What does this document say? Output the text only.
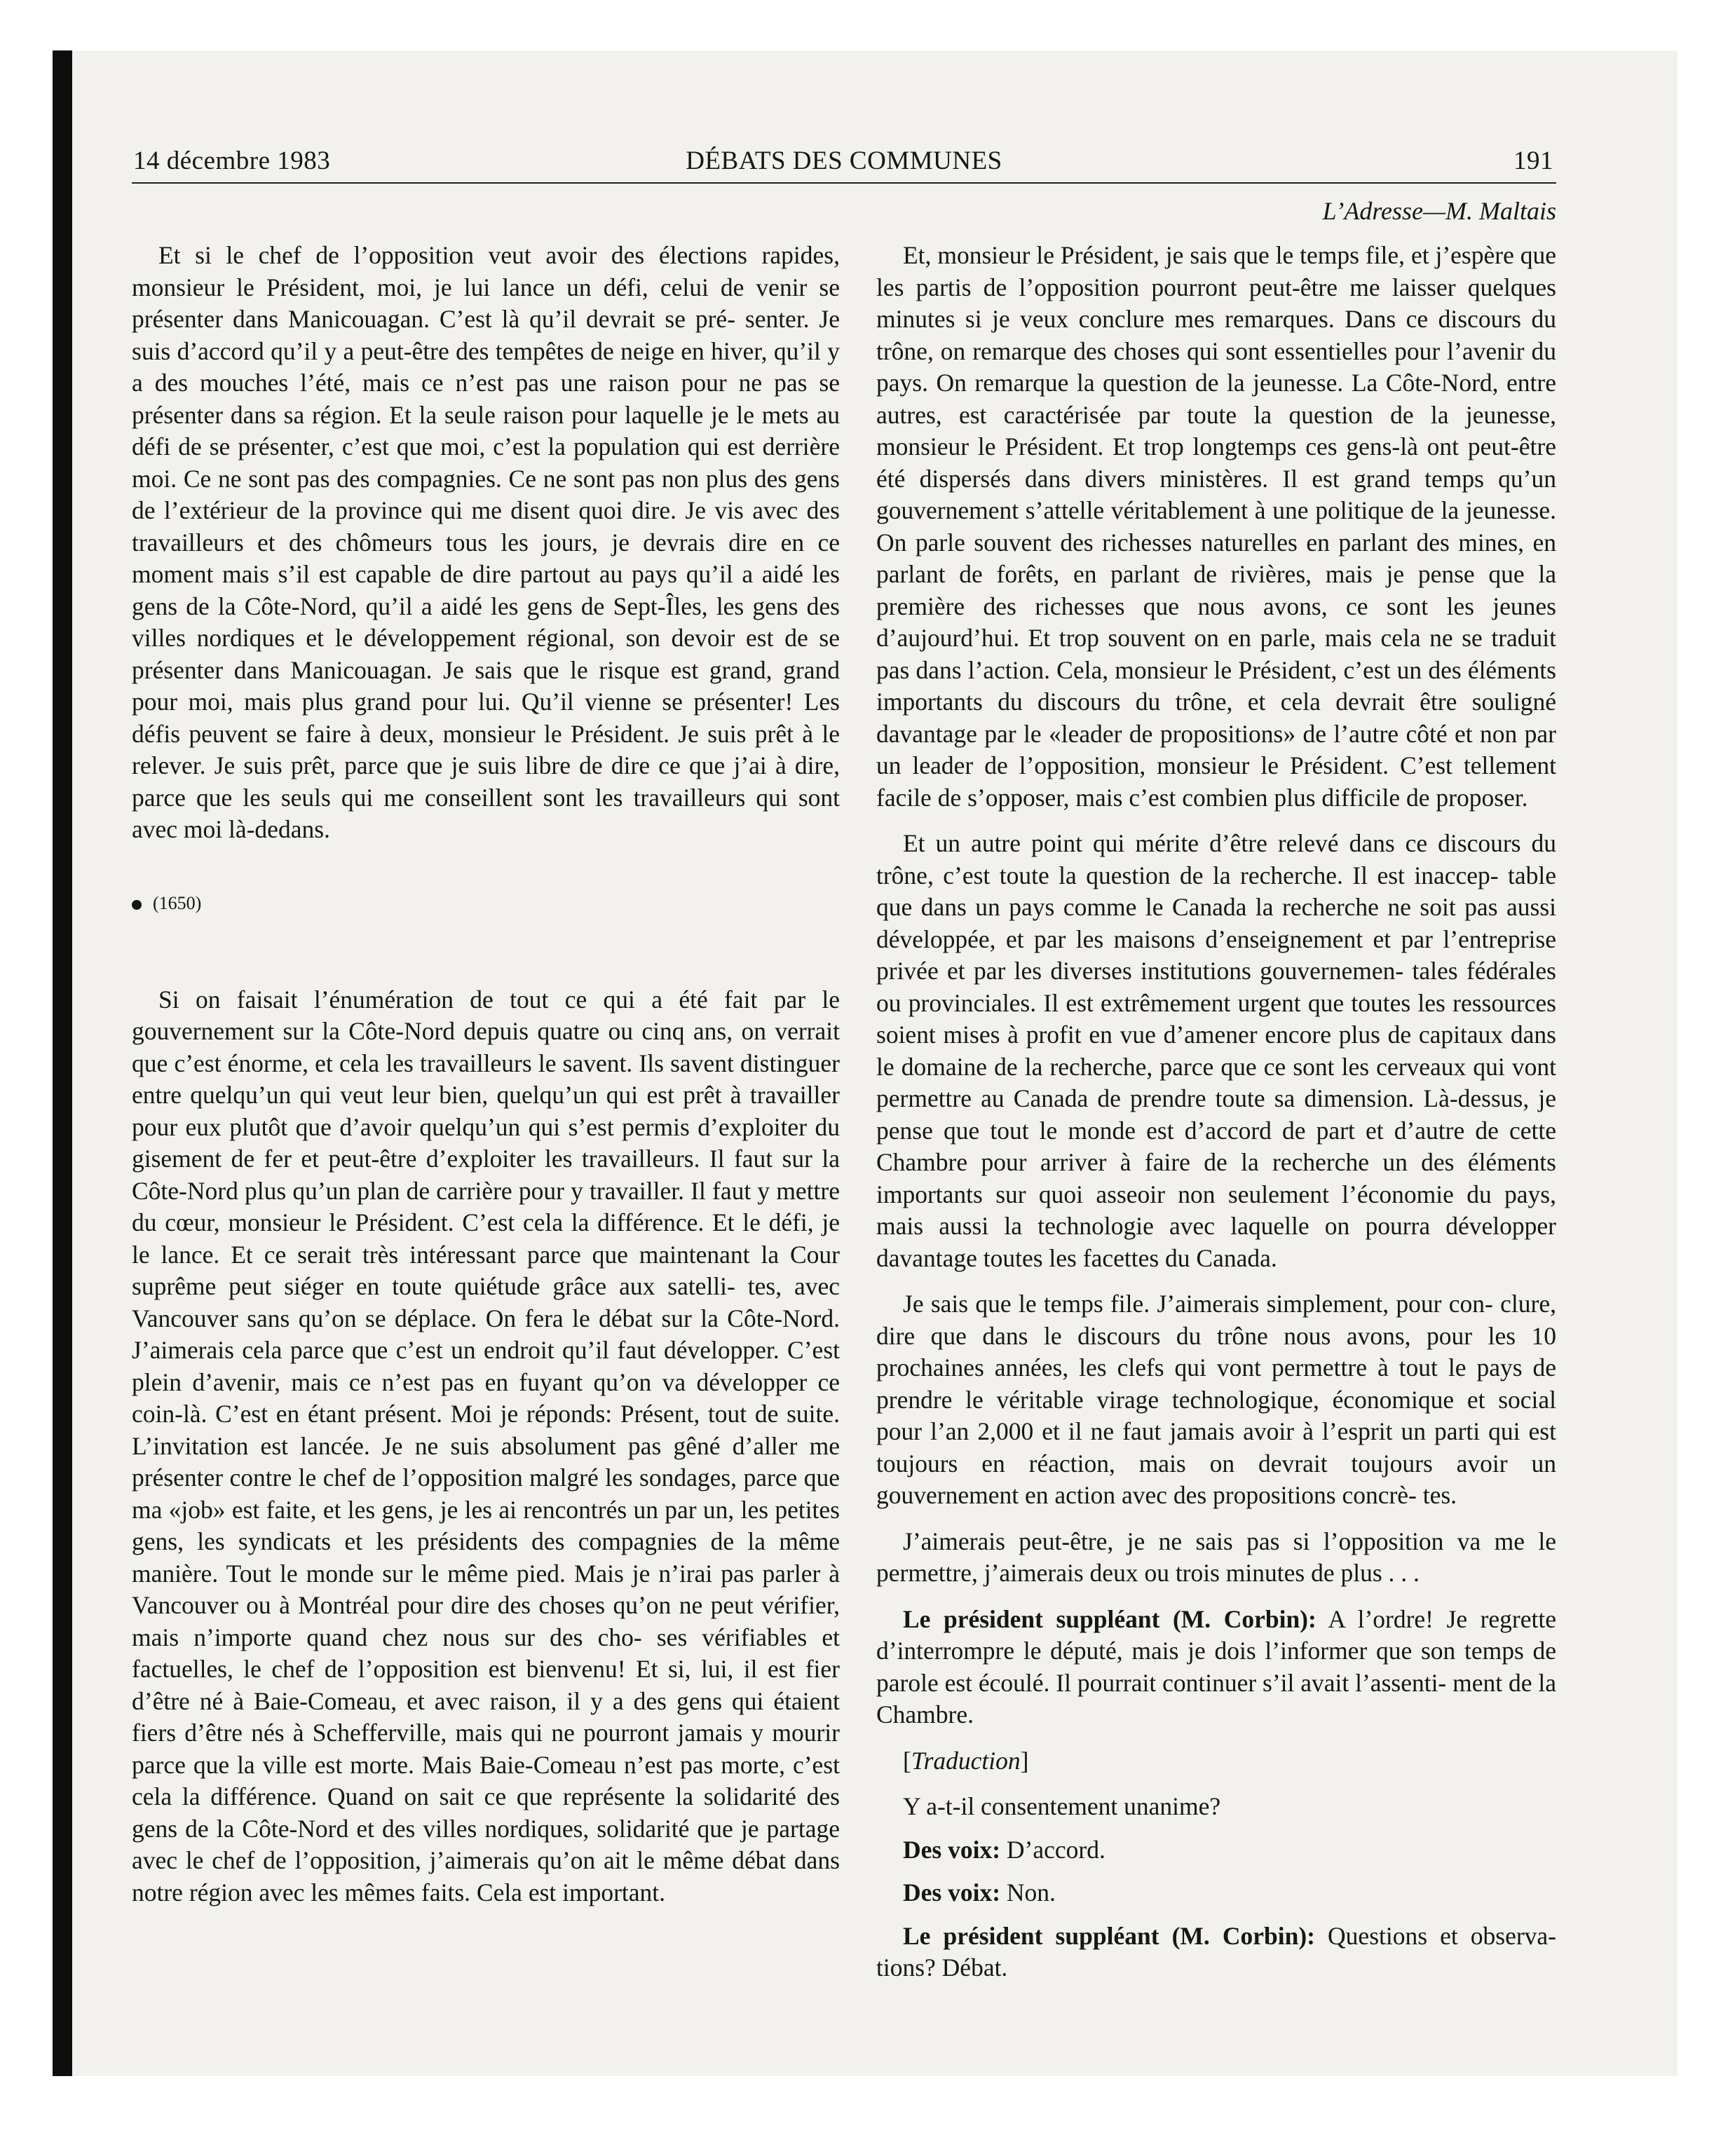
14 décembre 1983	DÉBATS DES COMMUNES	191
L’Adresse—M. Maltais

Et si le chef de l’opposition veut avoir des élections rapides, monsieur le Président, moi, je lui lance un défi, celui de venir se présenter dans Manicouagan. C’est là qu’il devrait se pré- senter. Je suis d’accord qu’il y a peut-être des tempêtes de neige en hiver, qu’il y a des mouches l’été, mais ce n’est pas une raison pour ne pas se présenter dans sa région. Et la seule raison pour laquelle je le mets au défi de se présenter, c’est que moi, c’est la population qui est derrière moi. Ce ne sont pas des compagnies. Ce ne sont pas non plus des gens de l’extérieur de la province qui me disent quoi dire. Je vis avec des travailleurs et des chômeurs tous les jours, je devrais dire en ce moment mais s’il est capable de dire partout au pays qu’il a aidé les gens de la Côte-Nord, qu’il a aidé les gens de Sept-Îles, les gens des villes nordiques et le développement régional, son devoir est de se présenter dans Manicouagan. Je sais que le risque est grand, grand pour moi, mais plus grand pour lui. Qu’il vienne se présenter! Les défis peuvent se faire à deux, monsieur le Président. Je suis prêt à le relever. Je suis prêt, parce que je suis libre de dire ce que j’ai à dire, parce que les seuls qui me conseillent sont les travailleurs qui sont avec moi là-dedans.

(1650)

Si on faisait l’énumération de tout ce qui a été fait par le gouvernement sur la Côte-Nord depuis quatre ou cinq ans, on verrait que c’est énorme, et cela les travailleurs le savent. Ils savent distinguer entre quelqu’un qui veut leur bien, quelqu’un qui est prêt à travailler pour eux plutôt que d’avoir quelqu’un qui s’est permis d’exploiter du gisement de fer et peut-être d’exploiter les travailleurs. Il faut sur la Côte-Nord plus qu’un plan de carrière pour y travailler. Il faut y mettre du cœur, monsieur le Président. C’est cela la différence. Et le défi, je le lance. Et ce serait très intéressant parce que maintenant la Cour suprême peut siéger en toute quiétude grâce aux satelli- tes, avec Vancouver sans qu’on se déplace. On fera le débat sur la Côte-Nord. J’aimerais cela parce que c’est un endroit qu’il faut développer. C’est plein d’avenir, mais ce n’est pas en fuyant qu’on va développer ce coin-là. C’est en étant présent. Moi je réponds: Présent, tout de suite. L’invitation est lancée. Je ne suis absolument pas gêné d’aller me présenter contre le chef de l’opposition malgré les sondages, parce que ma «job» est faite, et les gens, je les ai rencontrés un par un, les petites gens, les syndicats et les présidents des compagnies de la même manière. Tout le monde sur le même pied. Mais je n’irai pas parler à Vancouver ou à Montréal pour dire des choses qu’on ne peut vérifier, mais n’importe quand chez nous sur des cho- ses vérifiables et factuelles, le chef de l’opposition est bienvenu! Et si, lui, il est fier d’être né à Baie-Comeau, et avec raison, il y a des gens qui étaient fiers d’être nés à Schefferville, mais qui ne pourront jamais y mourir parce que la ville est morte. Mais Baie-Comeau n’est pas morte, c’est cela la différence. Quand on sait ce que représente la solidarité des gens de la Côte-Nord et des villes nordiques, solidarité que je partage avec le chef de l’opposition, j’aimerais qu’on ait le même débat dans notre région avec les mêmes faits. Cela est important.

Et, monsieur le Président, je sais que le temps file, et j’espère que les partis de l’opposition pourront peut-être me laisser quelques minutes si je veux conclure mes remarques. Dans ce discours du trône, on remarque des choses qui sont essentielles pour l’avenir du pays. On remarque la question de la jeunesse. La Côte-Nord, entre autres, est caractérisée par toute la question de la jeunesse, monsieur le Président. Et trop longtemps ces gens-là ont peut-être été dispersés dans divers ministères. Il est grand temps qu’un gouvernement s’attelle véritablement à une politique de la jeunesse. On parle souvent des richesses naturelles en parlant des mines, en parlant de forêts, en parlant de rivières, mais je pense que la première des richesses que nous avons, ce sont les jeunes d’aujourd’hui. Et trop souvent on en parle, mais cela ne se traduit pas dans l’action. Cela, monsieur le Président, c’est un des éléments importants du discours du trône, et cela devrait être souligné davantage par le «leader de propositions» de l’autre côté et non par un leader de l’opposition, monsieur le Président. C’est tellement facile de s’opposer, mais c’est combien plus difficile de proposer.

Et un autre point qui mérite d’être relevé dans ce discours du trône, c’est toute la question de la recherche. Il est inaccep- table que dans un pays comme le Canada la recherche ne soit pas aussi développée, et par les maisons d’enseignement et par l’entreprise privée et par les diverses institutions gouvernemen- tales fédérales ou provinciales. Il est extrêmement urgent que toutes les ressources soient mises à profit en vue d’amener encore plus de capitaux dans le domaine de la recherche, parce que ce sont les cerveaux qui vont permettre au Canada de prendre toute sa dimension. Là-dessus, je pense que tout le monde est d’accord de part et d’autre de cette Chambre pour arriver à faire de la recherche un des éléments importants sur quoi asseoir non seulement l’économie du pays, mais aussi la technologie avec laquelle on pourra développer davantage toutes les facettes du Canada.

Je sais que le temps file. J’aimerais simplement, pour con- clure, dire que dans le discours du trône nous avons, pour les 10 prochaines années, les clefs qui vont permettre à tout le pays de prendre le véritable virage technologique, économique et social pour l’an 2,000 et il ne faut jamais avoir à l’esprit un parti qui est toujours en réaction, mais on devrait toujours avoir un gouvernement en action avec des propositions concrè- tes.

J’aimerais peut-être, je ne sais pas si l’opposition va me le permettre, j’aimerais deux ou trois minutes de plus . . .

Le président suppléant (M. Corbin): A l’ordre! Je regrette d’interrompre le député, mais je dois l’informer que son temps de parole est écoulé. Il pourrait continuer s’il avait l’assenti- ment de la Chambre.

[Traduction]

Y a-t-il consentement unanime?

Des voix: D’accord.

Des voix: Non.

Le président suppléant (M. Corbin): Questions et observa- tions? Débat.
